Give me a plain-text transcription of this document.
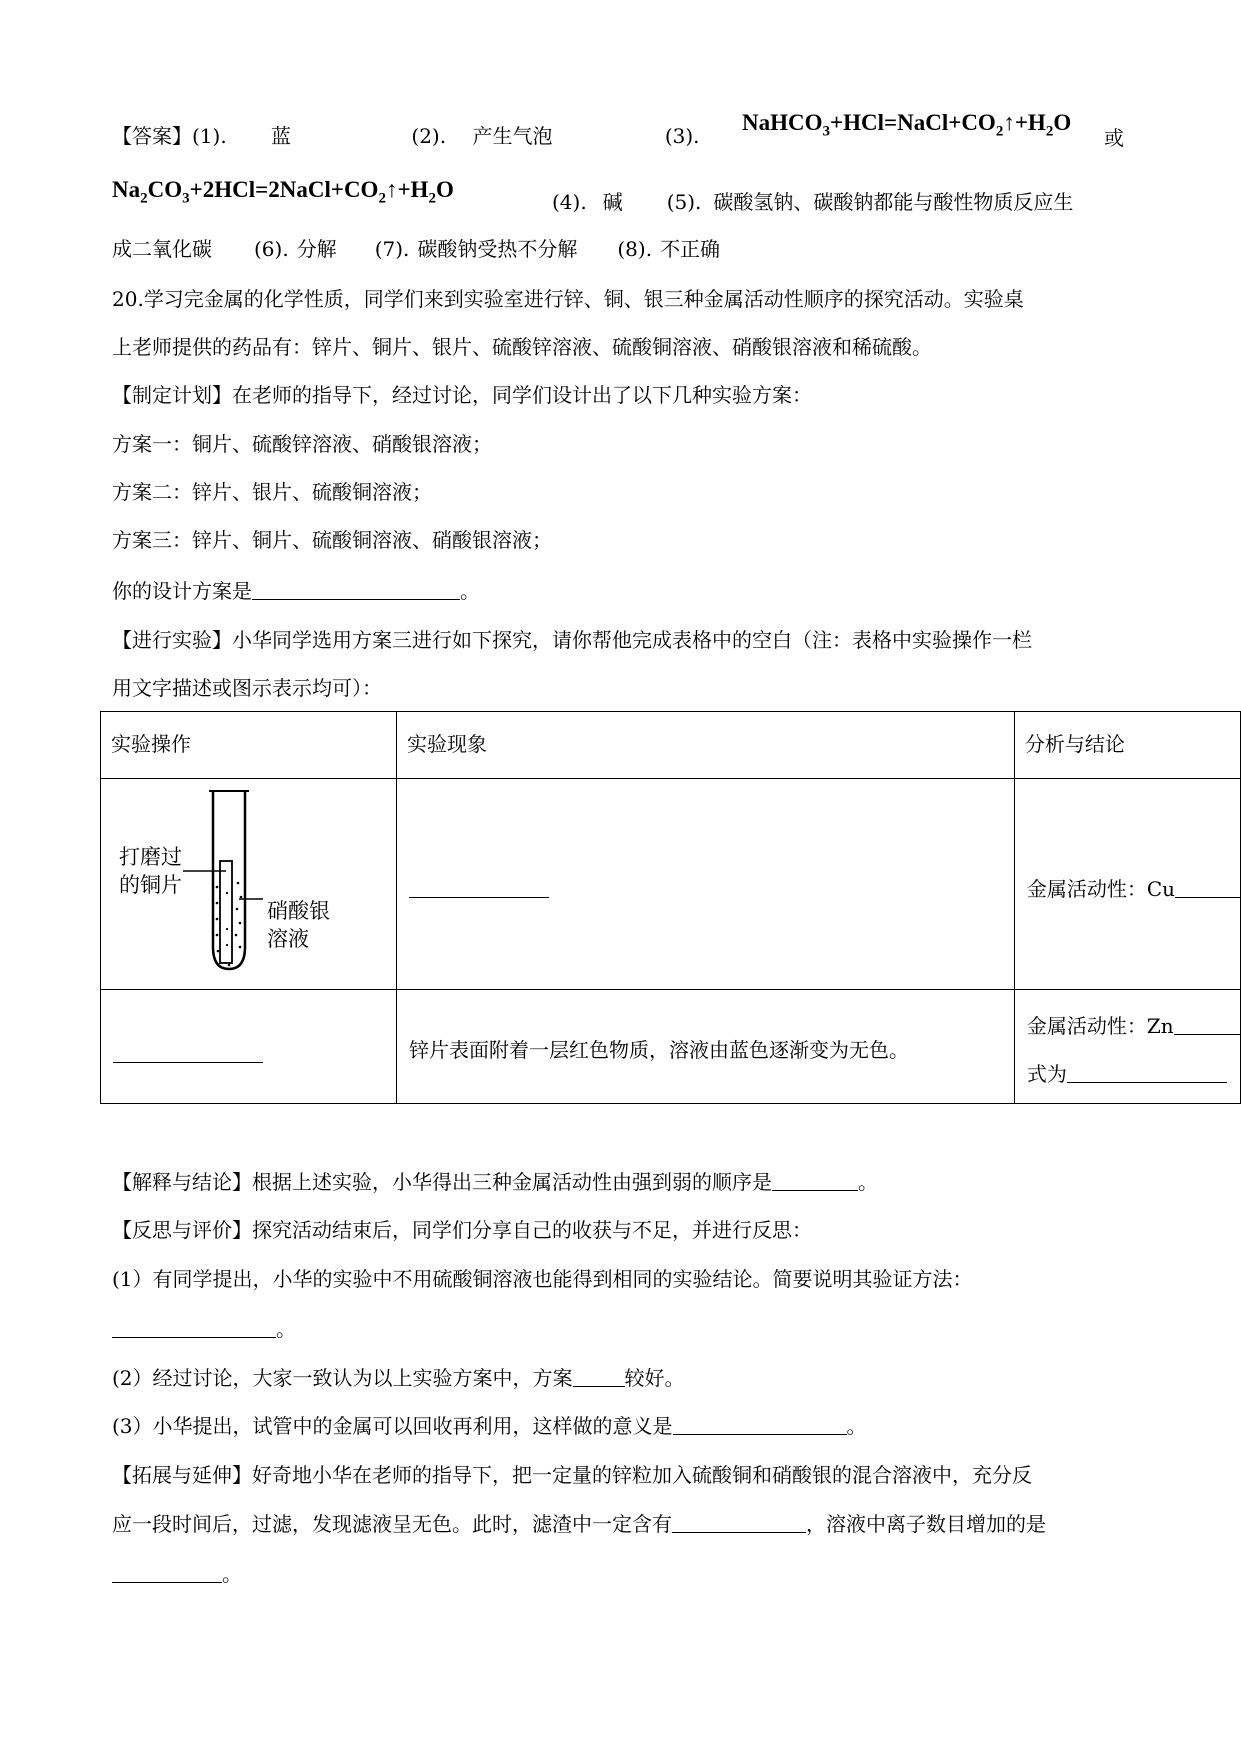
【答案】(1). 蓝	(2). 产生气泡	(3).
$NaHCO_3+HCl=NaCl+CO_2↑+H_2O$
或
$Na_2CO_3+2HCl=2NaCl+CO_2↑+H_2O$	(4). 碱 (5). 碳酸氢钠、碳酸钠都能与酸性物质反应生
成二氧化碳 (6). 分解 (7). 碳酸钠受热不分解 (8). 不正确
20.学习完金属的化学性质，同学们来到实验室进行锌、铜、银三种金属活动性顺序的探究活动。实验桌
上老师提供的药品有：锌片、铜片、银片、硫酸锌溶液、硫酸铜溶液、硝酸银溶液和稀硫酸。
【制定计划】在老师的指导下，经过讨论，同学们设计出了以下几种实验方案：
方案一：铜片、硫酸锌溶液、硝酸银溶液；
方案二：锌片、银片、硫酸铜溶液；
方案三：锌片、铜片、硫酸铜溶液、硝酸银溶液；
你的设计方案是	。
【进行实验】小华同学选用方案三进行如下探究，请你帮他完成表格中的空白（注：表格中实验操作一栏
用文字描述或图示表示均可）：
实验操作	实验现象	分析与结论

打磨过
的铜片
硝酸银
溶液		金属活动性：Cu

	锌片表面附着一层红色物质，溶液由蓝色逐渐变为无色。	金属活动性：Zn
式为
【解释与结论】根据上述实验，小华得出三种金属活动性由强到弱的顺序是	。
【反思与评价】探究活动结束后，同学们分享自己的收获与不足，并进行反思：
(1）有同学提出，小华的实验中不用硫酸铜溶液也能得到相同的实验结论。简要说明其验证方法：
。
(2）经过讨论，大家一致认为以上实验方案中，方案	较好。
(3）小华提出，试管中的金属可以回收再利用，这样做的意义是	。
【拓展与延伸】好奇地小华在老师的指导下，把一定量的锌粒加入硫酸铜和硝酸银的混合溶液中，充分反
应一段时间后，过滤，发现滤液呈无色。此时，滤渣中一定含有	，溶液中离子数目增加的是
。
